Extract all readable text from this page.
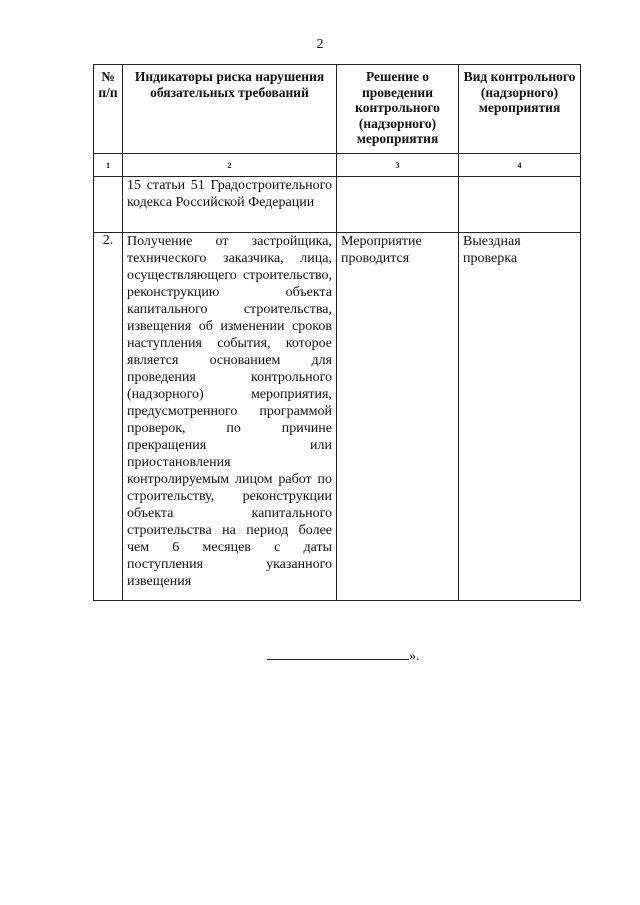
2
№ п/п	Индикаторы риска нарушения обязательных требований	Решение о проведении контрольного (надзорного) мероприятия	Вид контрольного (надзорного) мероприятия

1	2	3	4
	15 статьи 51 Градостроительного кодекса Российской Федерации		
2.	Получение от застройщика, технического заказчика, лица, осуществляющего строительство, реконструкцию объекта капитального строительства, извещения об изменении сроков наступления события, которое является основанием для проведения контрольного (надзорного) мероприятия, предусмотренного программой проверок, по причине прекращения или приостановления контролируемым лицом работ по строительству, реконструкции объекта капитального строительства на период более чем 6 месяцев с даты поступления указанного извещения	Мероприятие проводится	Выездная проверка
».
